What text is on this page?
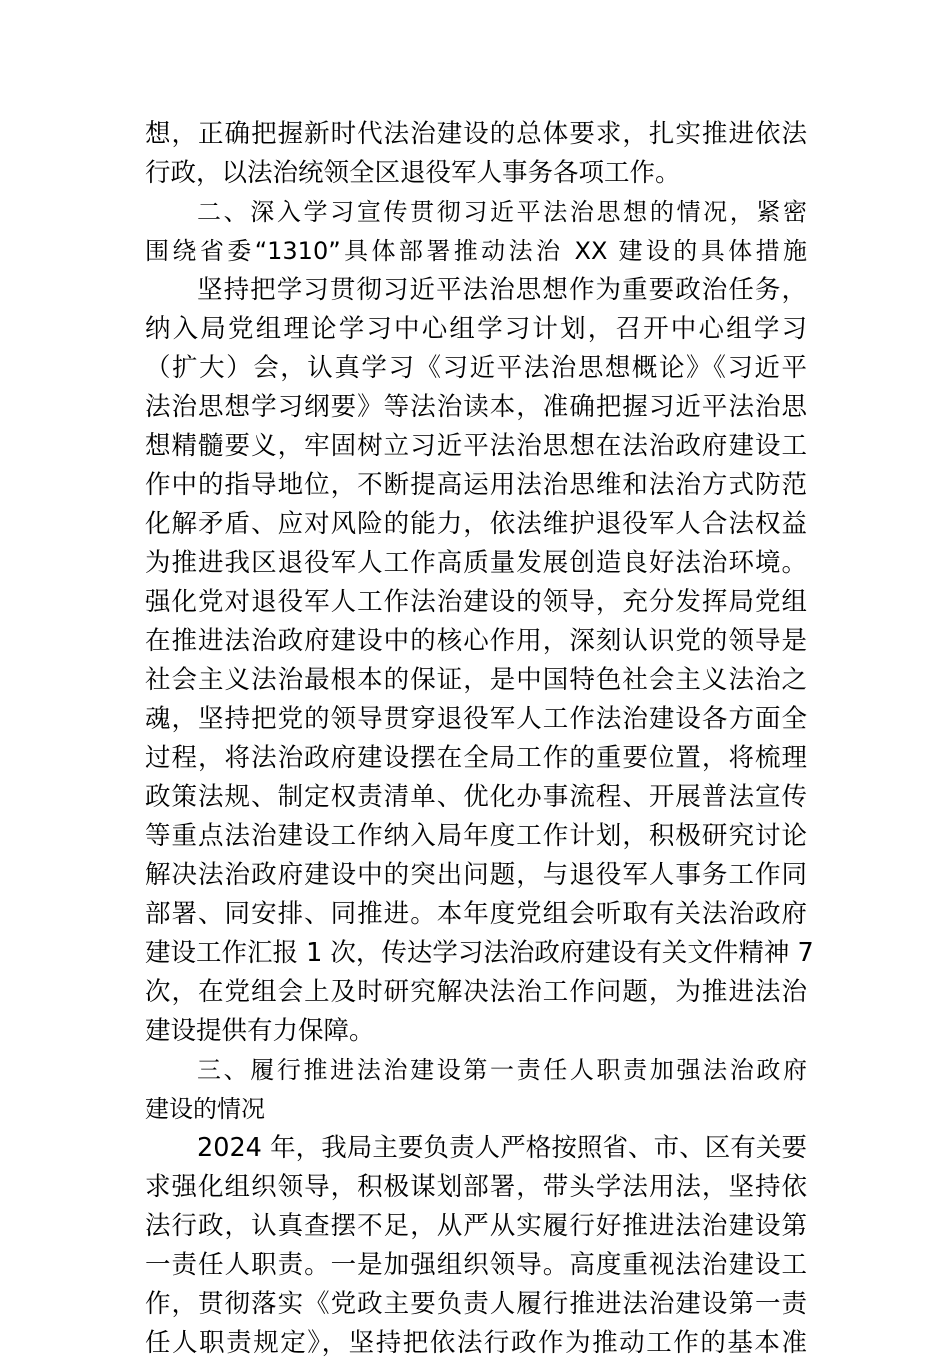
想，正确把握新时代法治建设的总体要求，扎实推进依法
行政，以法治统领全区退役军人事务各项工作。
二、深入学习宣传贯彻习近平法治思想的情况，紧密
围绕省委“1310”具体部署推动法治 XX 建设的具体措施
坚持把学习贯彻习近平法治思想作为重要政治任务，
纳入局党组理论学习中心组学习计划，召开中心组学习
（扩大）会，认真学习《习近平法治思想概论》《习近平
法治思想学习纲要》等法治读本，准确把握习近平法治思
想精髓要义，牢固树立习近平法治思想在法治政府建设工
作中的指导地位，不断提高运用法治思维和法治方式防范
化解矛盾、应对风险的能力，依法维护退役军人合法权益
为推进我区退役军人工作高质量发展创造良好法治环境。
强化党对退役军人工作法治建设的领导，充分发挥局党组
在推进法治政府建设中的核心作用，深刻认识党的领导是
社会主义法治最根本的保证，是中国特色社会主义法治之
魂，坚持把党的领导贯穿退役军人工作法治建设各方面全
过程，将法治政府建设摆在全局工作的重要位置，将梳理
政策法规、制定权责清单、优化办事流程、开展普法宣传
等重点法治建设工作纳入局年度工作计划，积极研究讨论
解决法治政府建设中的突出问题，与退役军人事务工作同
部署、同安排、同推进。本年度党组会听取有关法治政府
建设工作汇报 1 次，传达学习法治政府建设有关文件精神 7
次，在党组会上及时研究解决法治工作问题，为推进法治
建设提供有力保障。
三、履行推进法治建设第一责任人职责加强法治政府
建设的情况
2024 年，我局主要负责人严格按照省、市、区有关要
求强化组织领导，积极谋划部署，带头学法用法，坚持依
法行政，认真查摆不足，从严从实履行好推进法治建设第
一责任人职责。一是加强组织领导。高度重视法治建设工
作，贯彻落实《党政主要负责人履行推进法治建设第一责
任人职责规定》，坚持把依法行政作为推动工作的基本准
